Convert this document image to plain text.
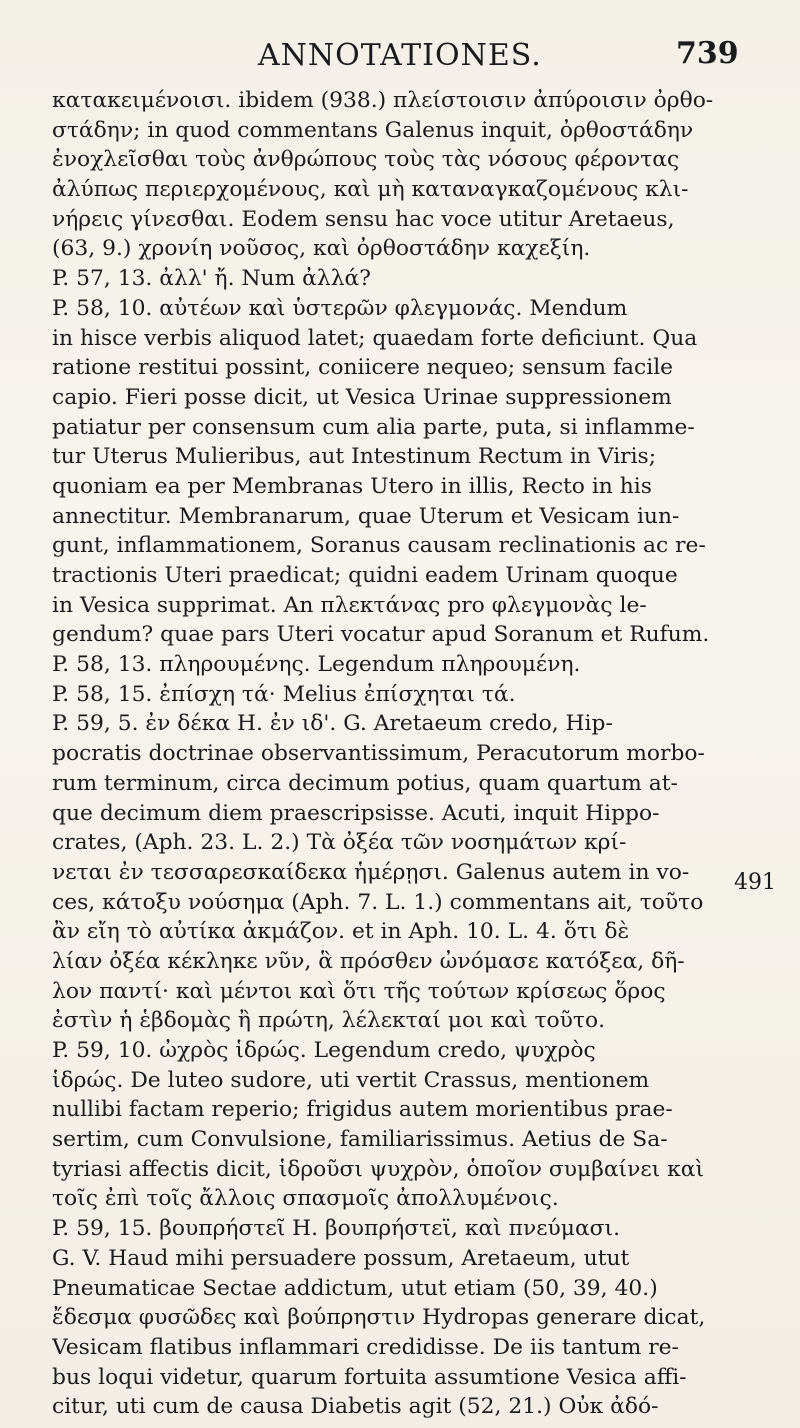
ANNOTATIONES.	739
κατακειμένοισι. ibidem (938.) πλείστοισιν ἀπύροισιν ὀρθο-
στάδην; in quod commentans Galenus inquit, ὀρθοστάδην
ἐνοχλεῖσθαι τοὺς ἀνθρώπους τοὺς τὰς νόσους φέροντας
ἀλύπως περιερχομένους, καὶ μὴ καταναγκαζομένους κλι-
νήρεις γίνεσθαι. Eodem sensu hac voce utitur Aretaeus,
(63, 9.) χρονίη νοῦσος, καὶ ὀρθοστάδην καχεξίη.
P. 57, 13. ἀλλ' ἤ. Num ἀλλά?
P. 58, 10. αὐτέων καὶ ὑστερῶν φλεγμονάς. Mendum
in hisce verbis aliquod latet; quaedam forte deficiunt. Qua
ratione restitui possint, coniicere nequeo; sensum facile
capio. Fieri posse dicit, ut Vesica Urinae suppressionem
patiatur per consensum cum alia parte, puta, si inflamme-
tur Uterus Mulieribus, aut Intestinum Rectum in Viris;
quoniam ea per Membranas Utero in illis, Recto in his
annectitur. Membranarum, quae Uterum et Vesicam iun-
gunt, inflammationem, Soranus causam reclinationis ac re-
tractionis Uteri praedicat; quidni eadem Urinam quoque
in Vesica supprimat. An πλεκτάνας pro φλεγμονὰς le-
gendum? quae pars Uteri vocatur apud Soranum et Rufum.
P. 58, 13. πληρουμένης. Legendum πληρουμένη.
P. 58, 15. ἐπίσχη τά· Melius ἐπίσχηται τά.
P. 59, 5. ἐν δέκα H. ἐν ιδ'. G. Aretaeum credo, Hip-
pocratis doctrinae observantissimum, Peracutorum morbo-
rum terminum, circa decimum potius, quam quartum at-
que decimum diem praescripsisse. Acuti, inquit Hippo-
crates, (Aph. 23. L. 2.) Τὰ ὀξέα τῶν νοσημάτων κρί-
νεται ἐν τεσσαρεσκαίδεκα ἡμέρῃσι. Galenus autem in vo-
ces, κάτοξυ νούσημα (Aph. 7. L. 1.) commentans ait, τοῦτο
ἂν εἴη τὸ αὐτίκα ἀκμάζον. et in Aph. 10. L. 4. ὅτι δὲ
λίαν ὀξέα κέκληκε νῦν, ἃ πρόσθεν ὠνόμασε κατόξεα, δῆ-
λον παντί· καὶ μέντοι καὶ ὅτι τῆς τούτων κρίσεως ὅρος
ἐστὶν ἡ ἑβδομὰς ἢ πρώτη, λέλεκταί μοι καὶ τοῦτο.
P. 59, 10. ὠχρὸς ἱδρώς. Legendum credo, ψυχρὸς
ἱδρώς. De luteo sudore, uti vertit Crassus, mentionem
nullibi factam reperio; frigidus autem morientibus prae-
sertim, cum Convulsione, familiarissimus. Aetius de Sa-
tyriasi affectis dicit, ἱδροῦσι ψυχρὸν, ὁποῖον συμβαίνει καὶ
τοῖς ἐπὶ τοῖς ἄλλοις σπασμοῖς ἀπολλυμένοις.
P. 59, 15. βουπρήστεῖ H. βουπρήστεϊ, καὶ πνεύμασι.
G. V. Haud mihi persuadere possum, Aretaeum, utut
Pneumaticae Sectae addictum, utut etiam (50, 39, 40.)
ἔδεσμα φυσῶδες καὶ βούπρηστιν Hydropas generare dicat,
Vesicam flatibus inflammari credidisse. De iis tantum re-
bus loqui videtur, quarum fortuita assumtione Vesica affi-
citur, uti cum de causa Diabetis agit (52, 21.) Οὐκ ἀδό-
491
